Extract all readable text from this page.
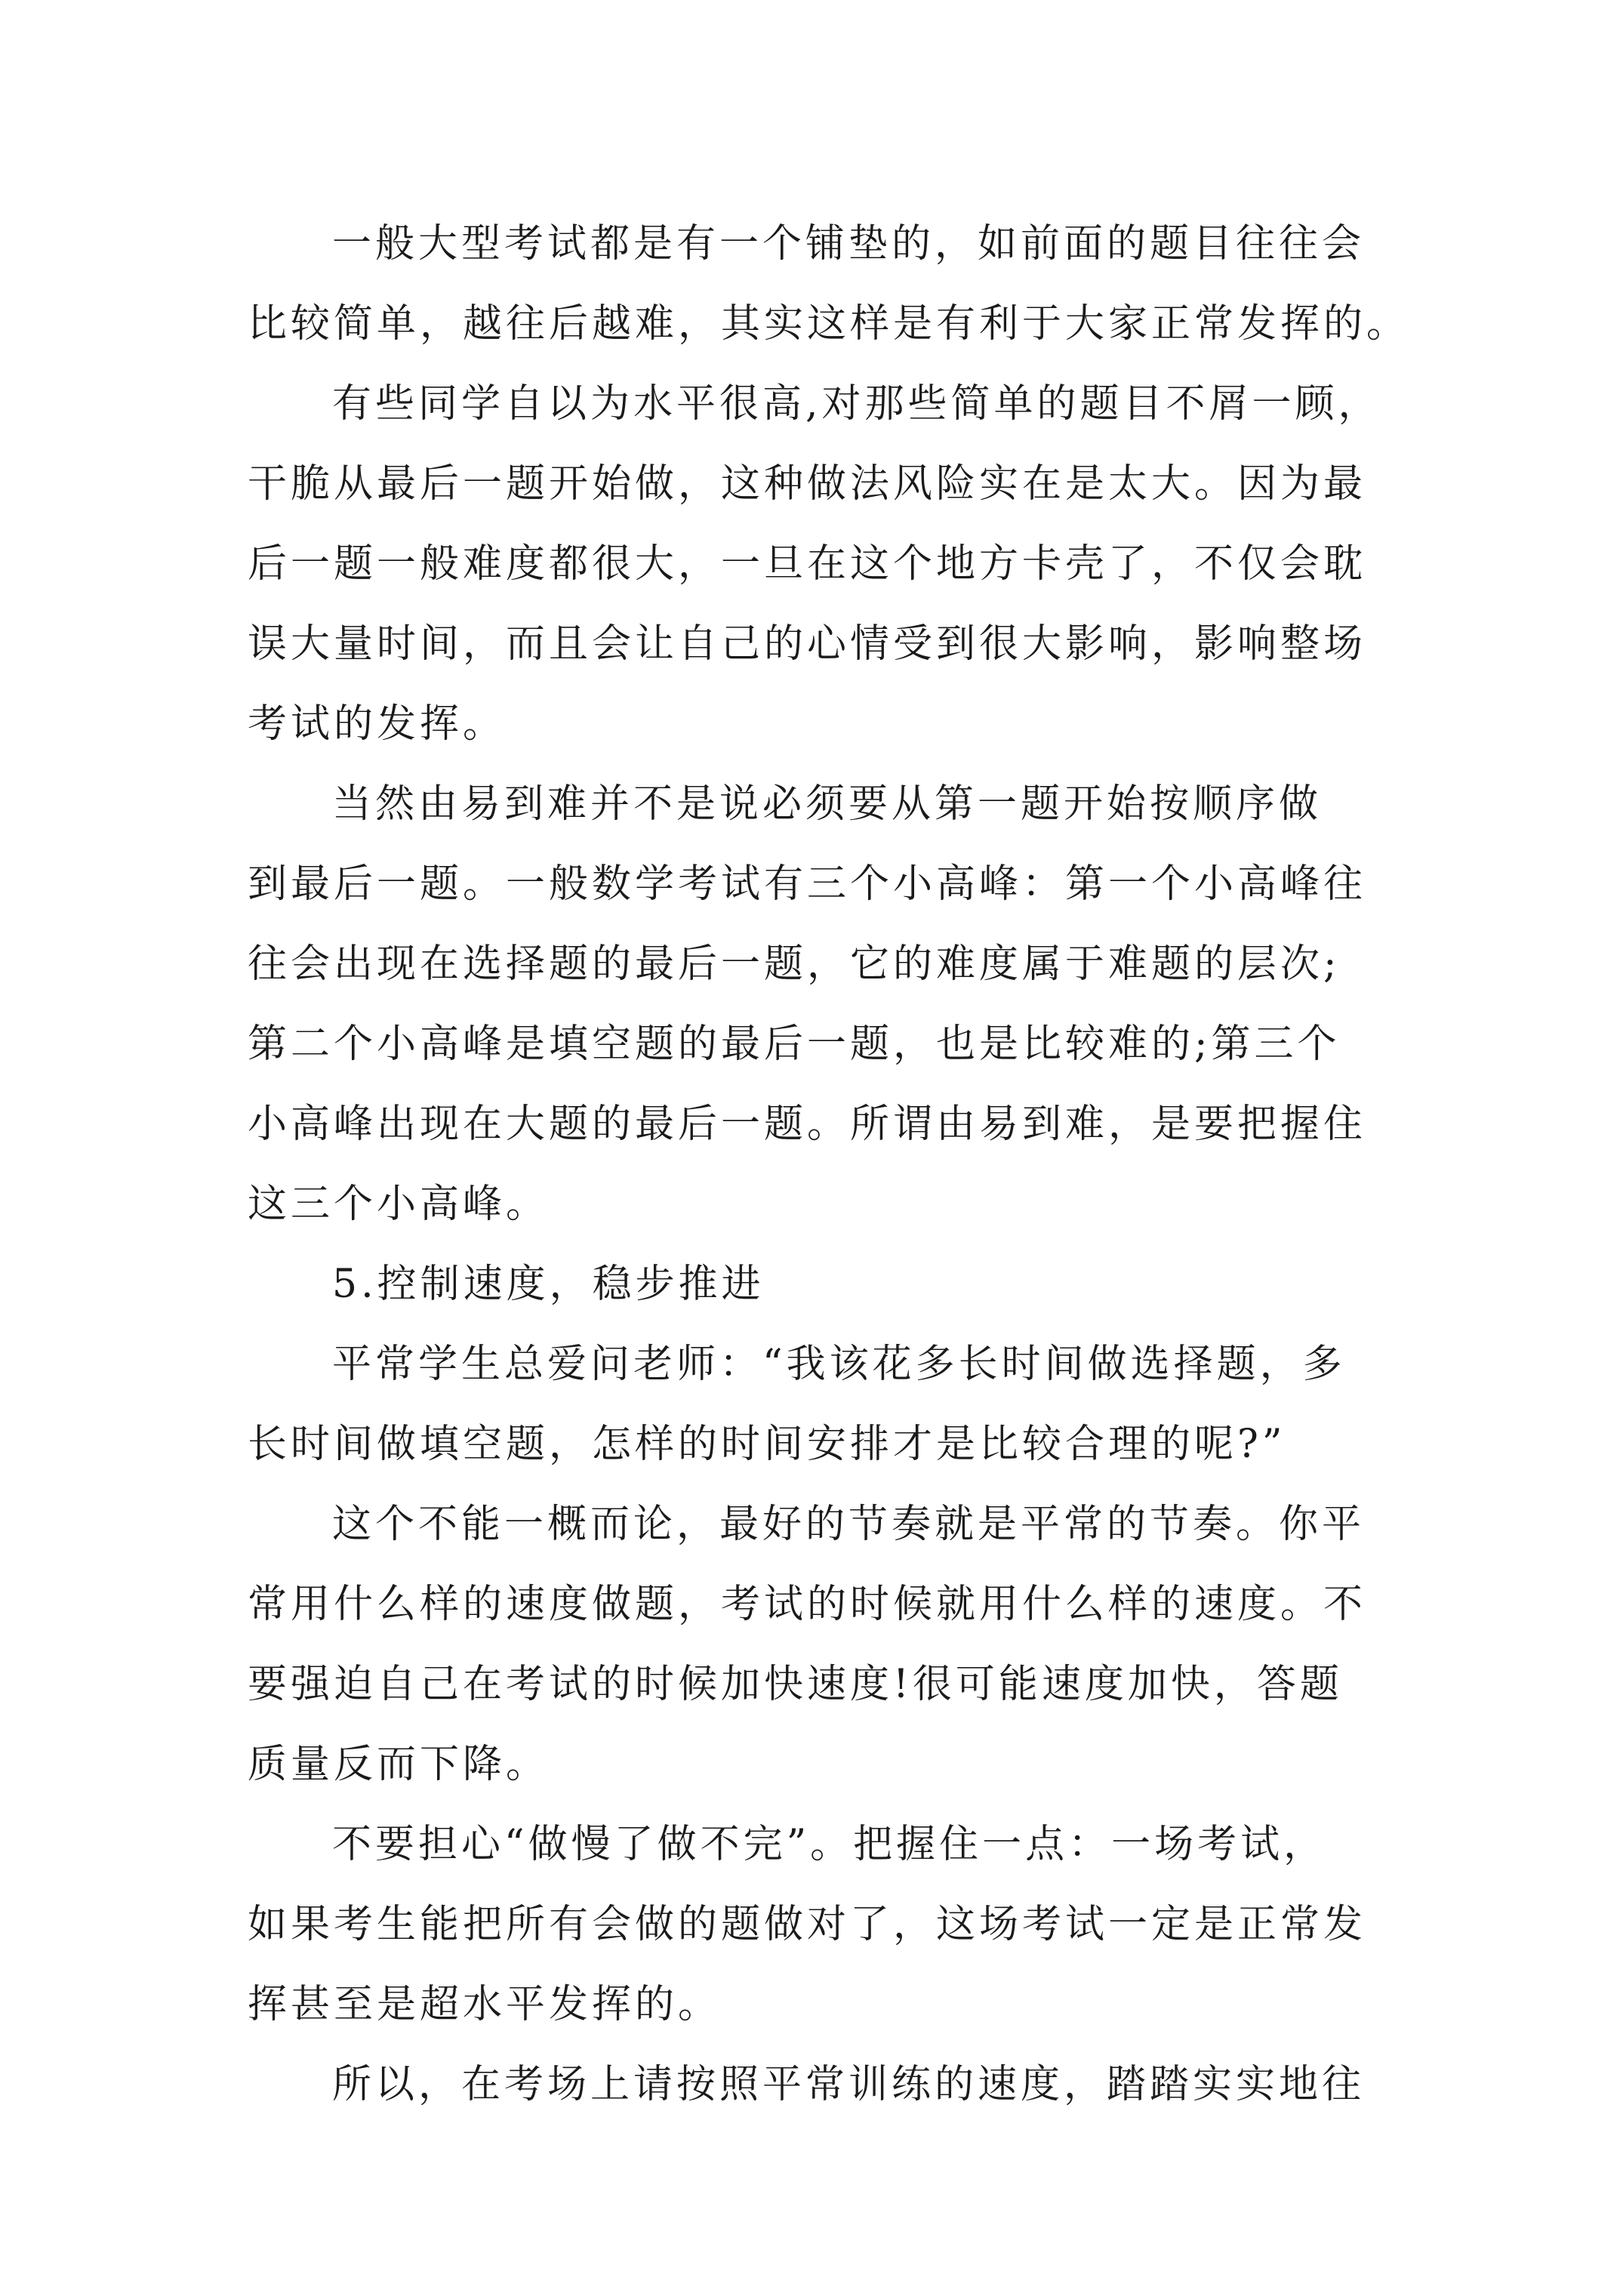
一般大型考试都是有一个铺垫的，如前面的题目往往会
比较简单，越往后越难，其实这样是有利于大家正常发挥的。
有些同学自以为水平很高,对那些简单的题目不屑一顾，
干脆从最后一题开始做，这种做法风险实在是太大。因为最
后一题一般难度都很大，一旦在这个地方卡壳了，不仅会耽
误大量时间，而且会让自己的心情受到很大影响，影响整场
考试的发挥。
当然由易到难并不是说必须要从第一题开始按顺序做
到最后一题。一般数学考试有三个小高峰：第一个小高峰往
往会出现在选择题的最后一题，它的难度属于难题的层次;
第二个小高峰是填空题的最后一题，也是比较难的;第三个
小高峰出现在大题的最后一题。所谓由易到难，是要把握住
这三个小高峰。
5.控制速度，稳步推进
平常学生总爱问老师：“我该花多长时间做选择题，多
长时间做填空题，怎样的时间安排才是比较合理的呢?”
这个不能一概而论，最好的节奏就是平常的节奏。你平
常用什么样的速度做题，考试的时候就用什么样的速度。不
要强迫自己在考试的时候加快速度!很可能速度加快，答题
质量反而下降。
不要担心“做慢了做不完”。把握住一点：一场考试，
如果考生能把所有会做的题做对了，这场考试一定是正常发
挥甚至是超水平发挥的。
所以，在考场上请按照平常训练的速度，踏踏实实地往
